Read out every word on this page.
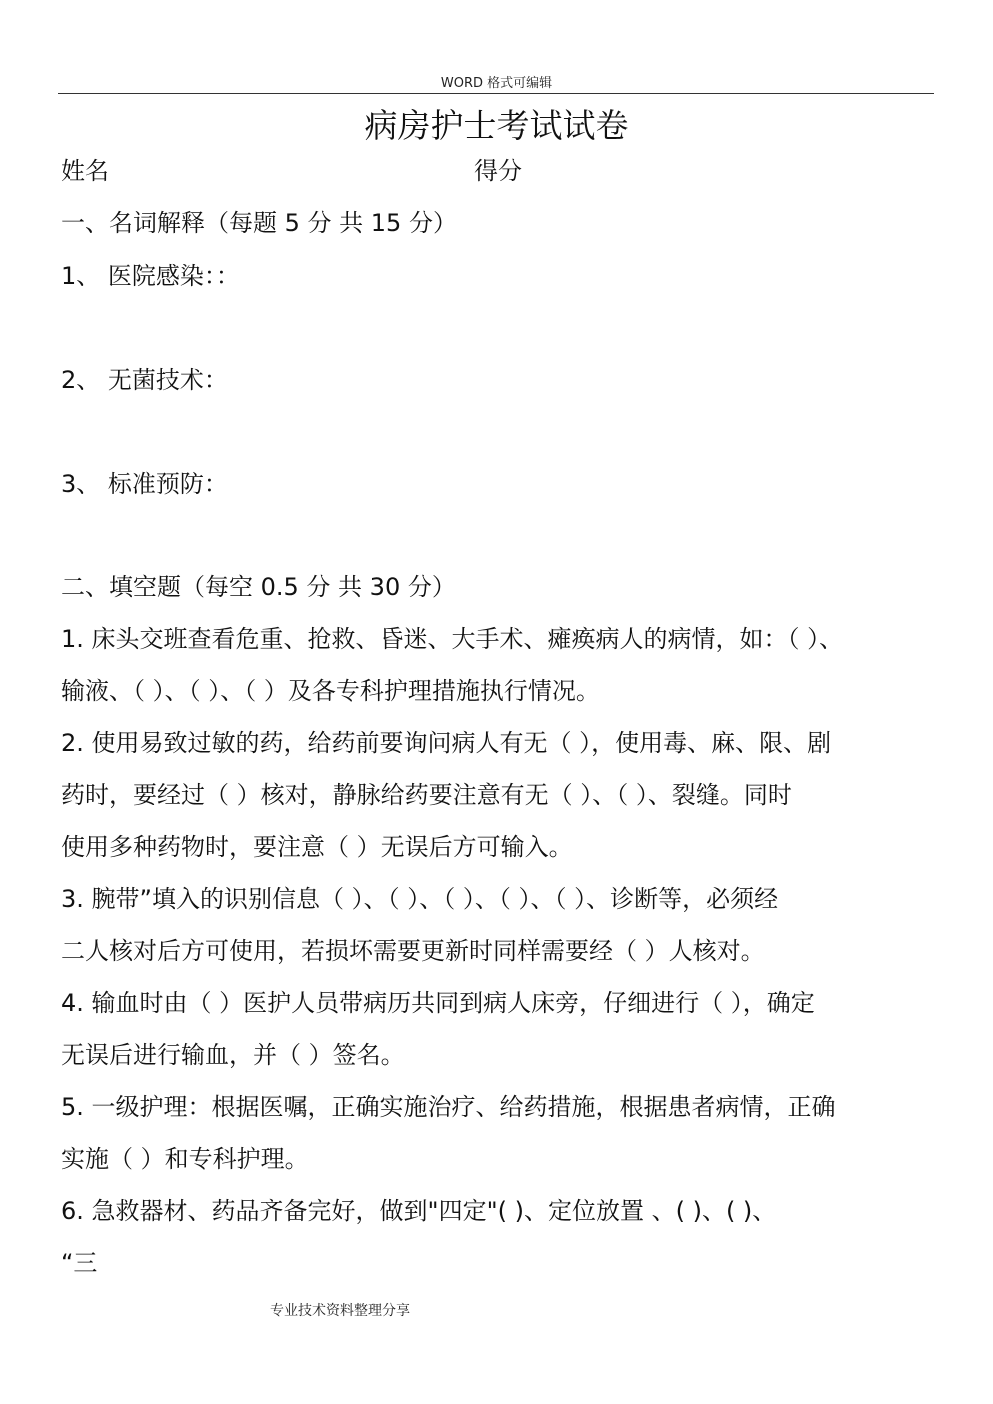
WORD 格式可编辑
病房护士考试试卷
姓名	得分
一、名词解释（每题 5 分 共 15 分）
1、 医院感染：：
2、 无菌技术：
3、 标准预防：
二、填空题（每空 0.5 分 共 30 分）
1. 床头交班查看危重、抢救、昏迷、大手术、瘫痪病人的病情，如：（ ）、
输液、（ ）、（ ）、（ ）及各专科护理措施执行情况。
2. 使用易致过敏的药，给药前要询问病人有无（ ），使用毒、麻、限、剧
药时，要经过（ ）核对，静脉给药要注意有无（ ）、（ ）、裂缝。同时
使用多种药物时，要注意（ ）无误后方可输入。
3. 腕带”填入的识别信息（ ）、（ ）、（ ）、（ ）、（ ）、诊断等，必须经
二人核对后方可使用，若损坏需要更新时同样需要经（ ）人核对。
4. 输血时由（ ）医护人员带病历共同到病人床旁，仔细进行（ ），确定
无误后进行输血，并（ ）签名。
5. 一级护理：根据医嘱，正确实施治疗、给药措施，根据患者病情，正确
实施（ ）和专科护理。
6. 急救器材、药品齐备完好，做到"四定"( )、定位放置 、( )、( )、
“三
专业技术资料整理分享
